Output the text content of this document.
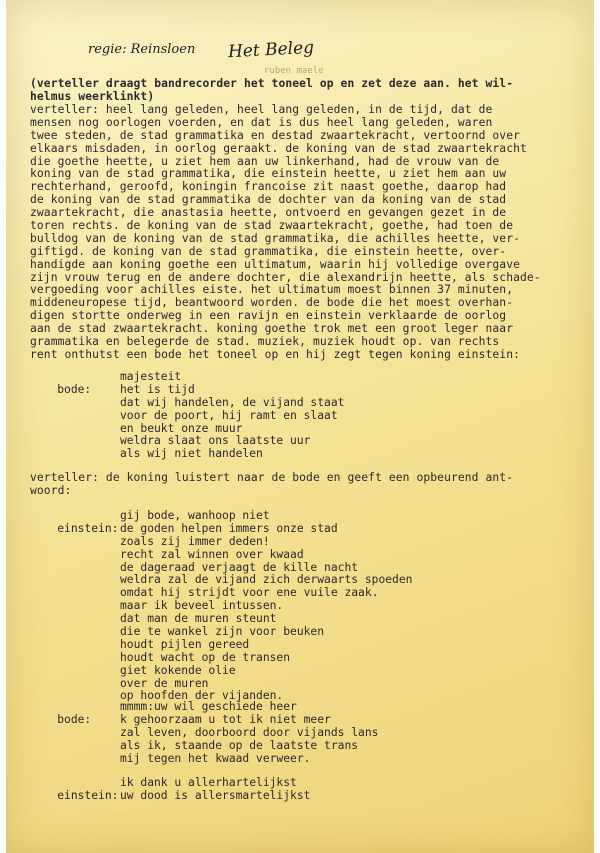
regie: Reinsloen Het Beleg
ruben maele
(verteller draagt bandrecorder het toneel op en zet deze aan. het wil-
helmus weerklinkt)
verteller: heel lang geleden, heel lang geleden, in de tijd, dat de
mensen nog oorlogen voerden, en dat is dus heel lang geleden, waren
twee steden, de stad grammatika en destad zwaartekracht, vertoornd over
elkaars misdaden, in oorlog geraakt. de koning van de stad zwaartekracht
die goethe heette, u ziet hem aan uw linkerhand, had de vrouw van de
koning van de stad grammatika, die einstein heette, u ziet hem aan uw
rechterhand, geroofd, koningin francoise zit naast goethe, daarop had
de koning van de stad grammatika de dochter van da koning van de stad
zwaartekracht, die anastasia heette, ontvoerd en gevangen gezet in de
toren rechts. de koning van de stad zwaartekracht, goethe, had toen de
bulldog van de koning van de stad grammatika, die achilles heette, ver-
giftigd. de koning van de stad grammatika, die einstein heette, over-
handigde aan koning goethe een ultimatum, waarin hij volledige overgave
zijn vrouw terug en de andere dochter, die alexandrijn heette, als schade-
vergoeding voor achilles eiste. het ultimatum moest binnen 37 minuten,
middeneuropese tijd, beantwoord worden. de bode die het moest overhan-
digen stortte onderweg in een ravijn en einstein verklaarde de oorlog
aan de stad zwaartekracht. koning goethe trok met een groot leger naar
grammatika en belegerde de stad. muziek, muziek houdt op. van rechts
rent onthutst een bode het toneel op en hij zegt tegen koning einstein:

bode:

majesteit
het is tijd
dat wij handelen, de vijand staat
voor de poort, hij ramt en slaat
en beukt onze muur
weldra slaat ons laatste uur
als wij niet handelen

verteller: de koning luistert naar de bode en geeft een opbeurend ant-
woord:

einstein:

gij bode, wanhoop niet
de goden helpen immers onze stad
zoals zij immer deden!
recht zal winnen over kwaad
de dageraad verjaagt de kille nacht
weldra zal de vijand zich derwaarts spoeden
omdat hij strijdt voor ene vuile zaak.
maar ik beveel intussen.
dat man de muren steunt
die te wankel zijn voor beuken
houdt pijlen gereed
houdt wacht op de transen
giet kokende olie
over de muren
op hoofden der vijanden.

bode:

mmmm:uw wil geschiede heer
k gehoorzaam u tot ik niet meer
zal leven, doorboord door vijands lans
als ik, staande op de laatste trans
mij tegen het kwaad verweer.

einstein:

ik dank u allerhartelijkst
uw dood is allersmartelijkst
